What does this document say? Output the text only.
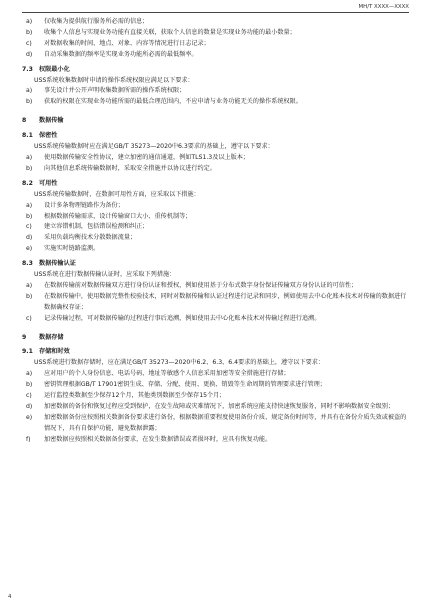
MH/T XXXX—XXXX
a) 仅收集为提供航行服务所必需的信息；
b) 收集个人信息与实现业务功能有直接关联，获取个人信息的数量是实现业务功能的最小数量；
c) 对数据收集的时间、地点、对象、内容等情况进行日志记录；
d) 自动采集数据的频率是实现业务功能所必需的最低频率。
7.3 权限最小化
USS系统收集数据时申请的操作系统权限应满足以下要求：
a) 事先设计并公开声明收集数据所需的操作系统权限；
b) 获取的权限在实现业务功能所需的最低合理范围内，不应申请与业务功能无关的操作系统权限。
8 数据传输
8.1 保密性
USS系统传输数据时应在满足GB/T 35273—2020中6.3要求的基础上，遵守以下要求：
a) 使用数据传输安全性协议，建立加密的通信通道，例如TLS1.3及以上版本；
b) 向其他信息系统传输数据时，采取安全措施并以协议进行约定。
8.2 可用性
USS系统传输数据时，在数据可用性方面，应采取以下措施：
a) 设计多条物理链路作为备份；
b) 根据数据传输需求，设计传输窗口大小、重传机制等；
c) 建立容错机制，包括错误检测和纠正；
d) 采用负载均衡技术分散数据流量；
e) 实施实时链路监测。
8.3 数据传输认证
USS系统在进行数据传输认证时，应采取下列措施：
a) 在数据传输前对数据传输双方进行身份认证和授权，例如使用基于分布式数字身份保证传输双方身份认证的可信性；
b) 在数据传输中，使用数据完整性校验技术，同时对数据传输和认证过程进行记录和同步，例如使用去中心化账本技术对传输的数据进行数据确权存证；
c) 记录传输过程，可对数据传输的过程进行事后追溯，例如使用去中心化账本技术对传输过程进行追溯。
9 数据存储
9.1 存储和时效
USS系统进行数据存储时，应在满足GB/T 35273—2020中6.2、6.3、6.4要求的基础上，遵守以下要求：
a) 应对用户的个人身份信息、电话号码、地址等敏感个人信息采用加密等安全措施进行存储；
b) 密钥管理根据GB/T 17901密钥生成、存储、分配、使用、更换、销毁等生命周期的管理要求进行管理；
c) 运行监控类数据至少保存12个月，其他类别数据至少保存15个月；
d) 加密数据的备份和恢复过程应受到保护，在发生故障或灾难情况下，加密系统应能支持快速恢复服务，同时不影响数据安全级别；
e) 加密数据备份应按照相关数据备份要求进行备份，根据数据重要程度使用备份介质、规定备份时间等，并具有在备份介质失效或被盗的情况下，具有自保护功能，避免数据泄露；
f) 加密数据应按照相关数据备份要求，在发生数据错误或者损坏时，应具有恢复功能。
4
